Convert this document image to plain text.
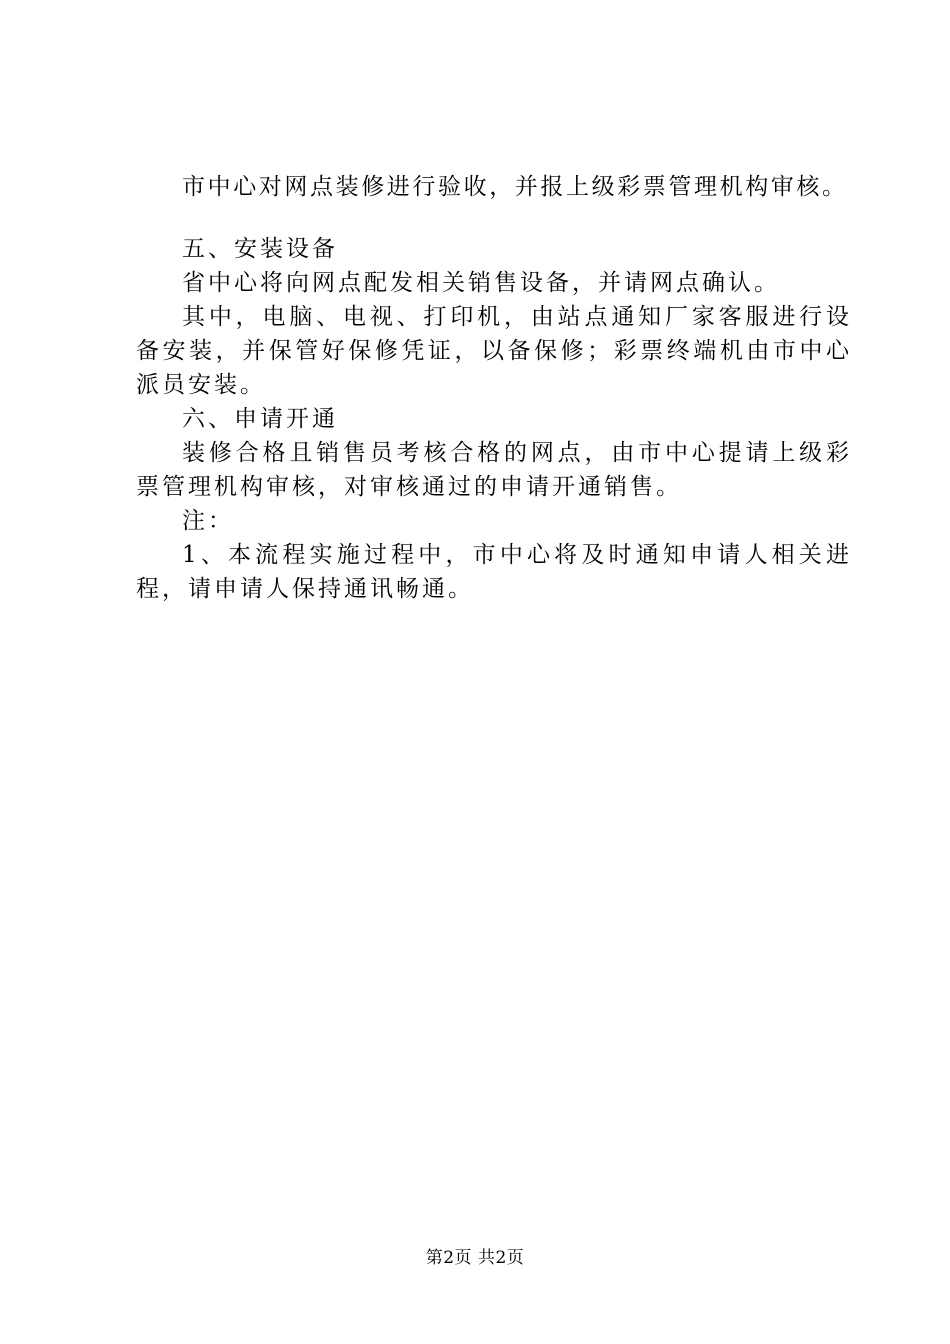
市中心对网点装修进行验收，并报上级彩票管理机构审核。

五、安装设备

省中心将向网点配发相关销售设备，并请网点确认。

其中，电脑、电视、打印机，由站点通知厂家客服进行设备安装，并保管好保修凭证，以备保修；彩票终端机由市中心派员安装。

六、申请开通

装修合格且销售员考核合格的网点，由市中心提请上级彩票管理机构审核，对审核通过的申请开通销售。

注：

1、本流程实施过程中，市中心将及时通知申请人相关进程，请申请人保持通讯畅通。

第2页 共2页
